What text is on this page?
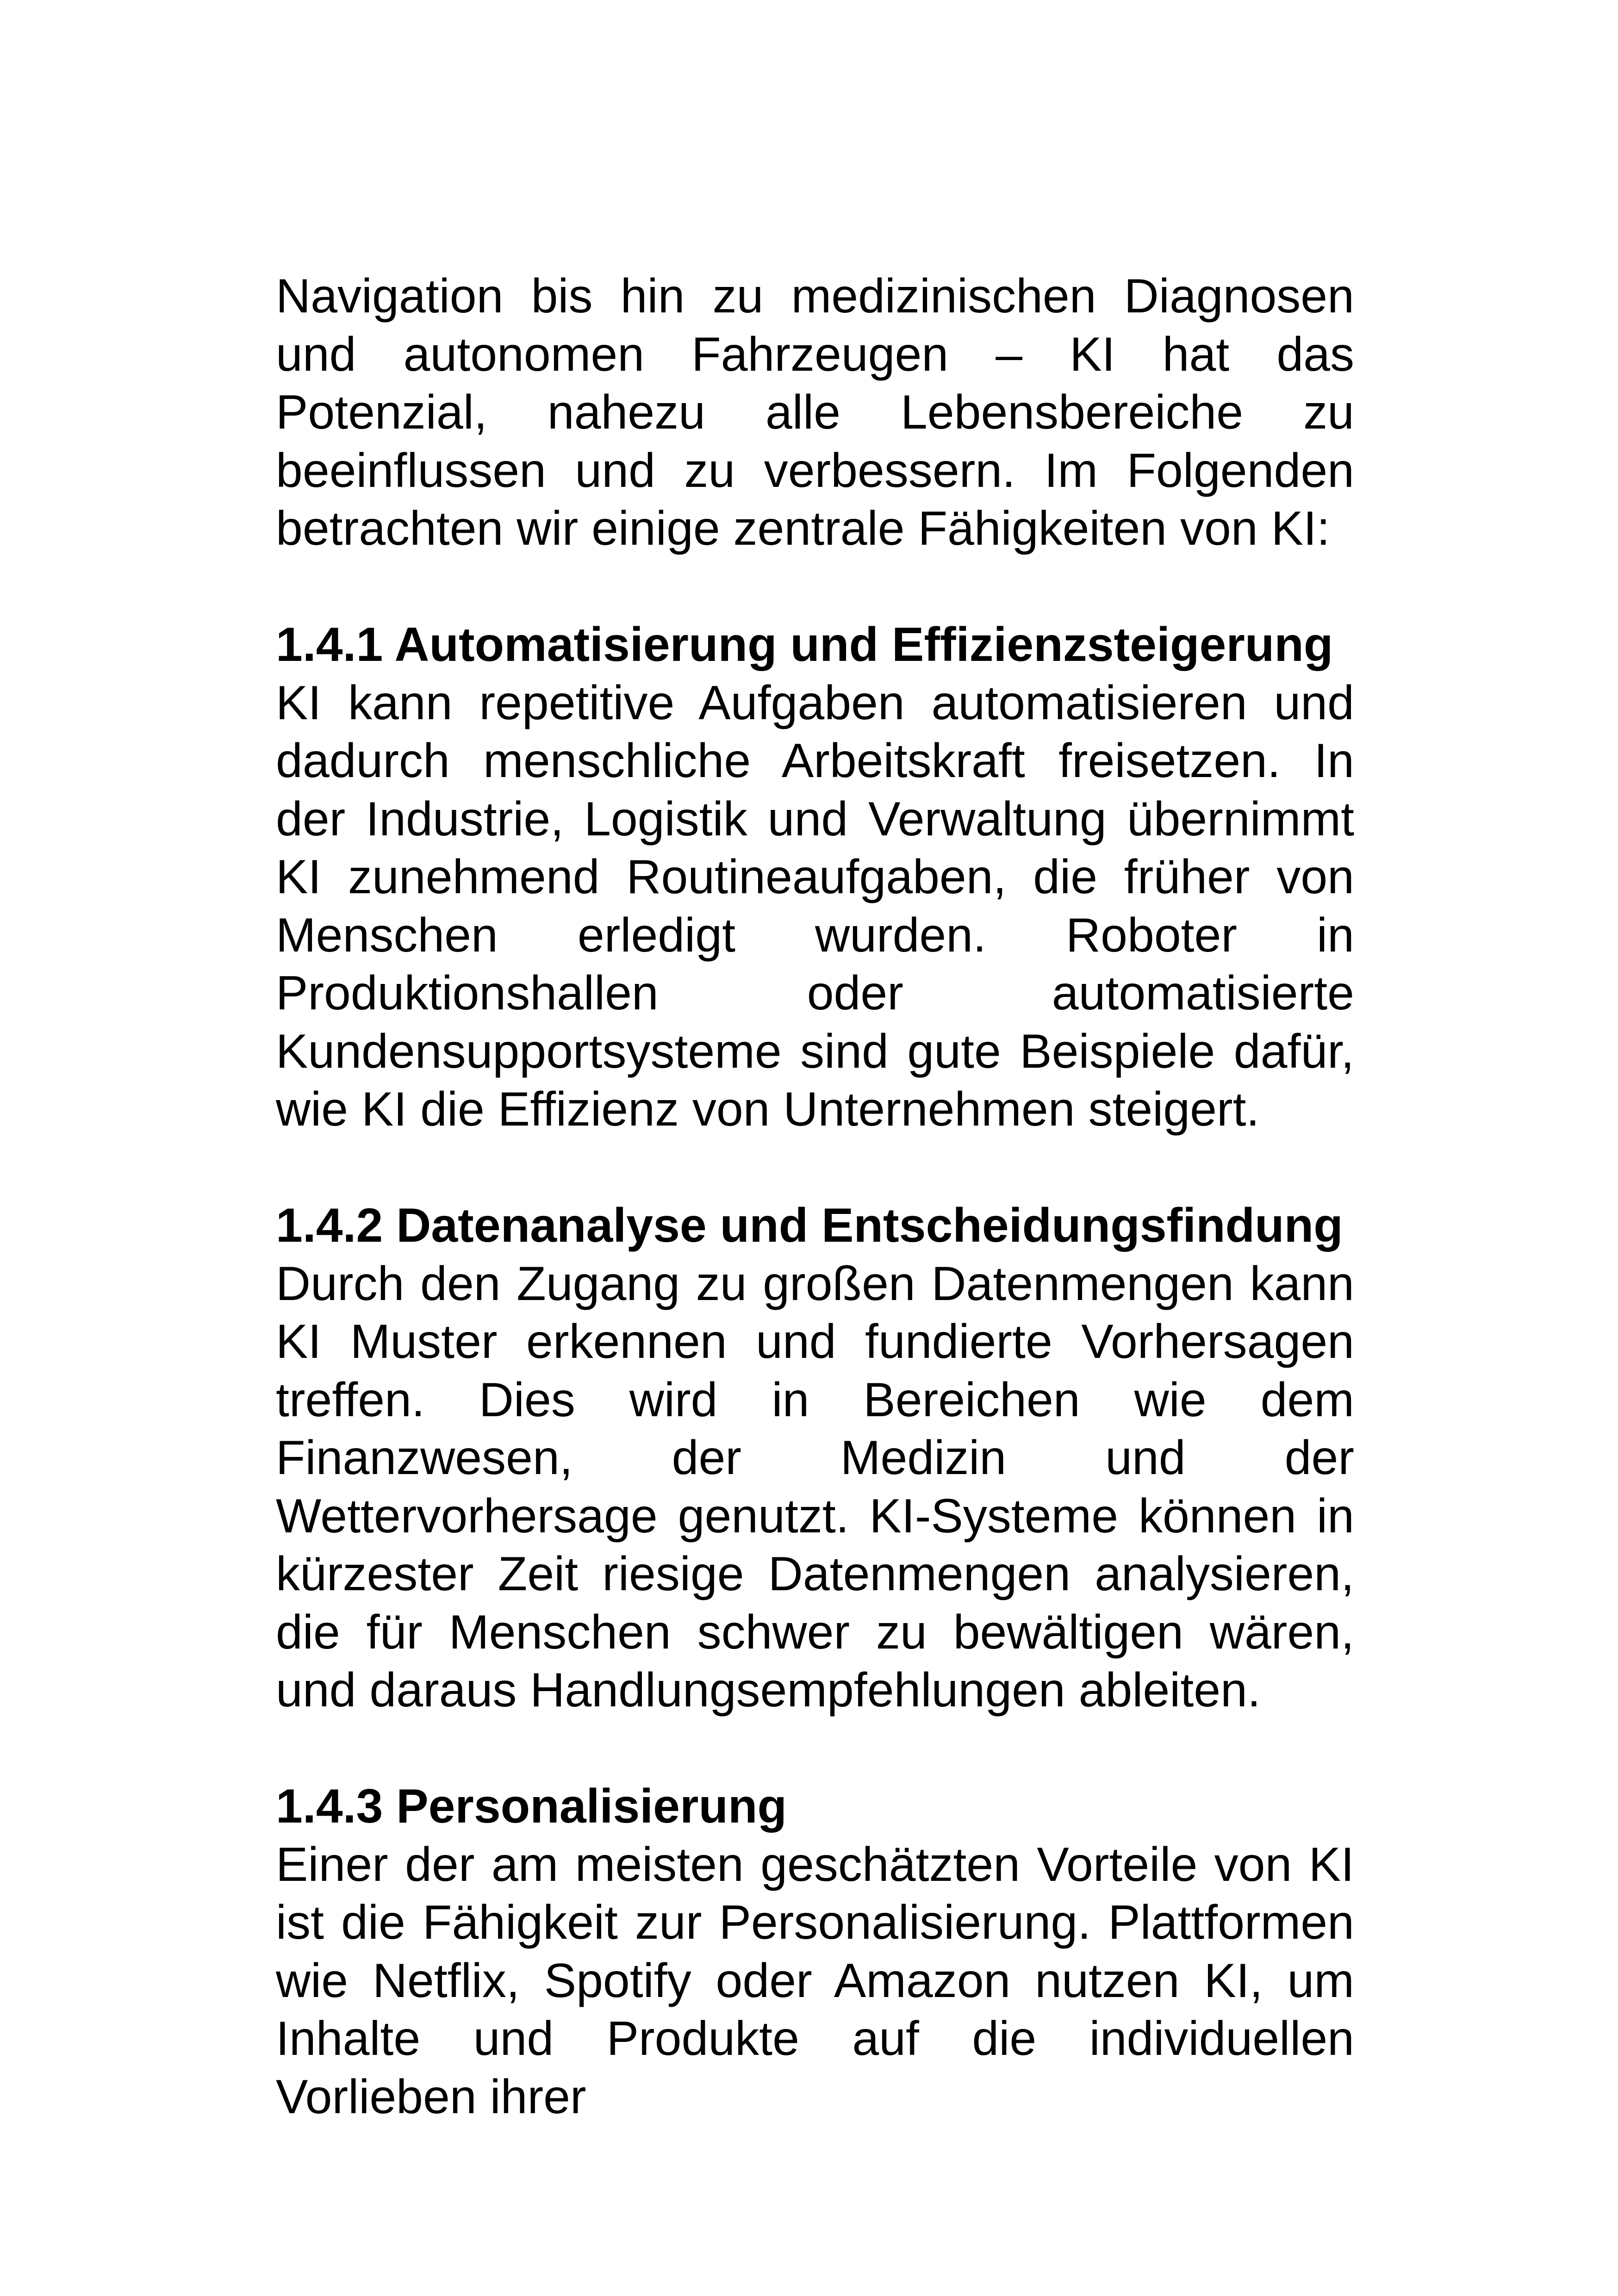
Navigation bis hin zu medizinischen Diagnosen und autonomen Fahrzeugen – KI hat das Potenzial, nahezu alle Lebensbereiche zu beeinflussen und zu verbessern. Im Folgenden betrachten wir einige zentrale Fähigkeiten von KI:

1.4.1 Automatisierung und Effizienzsteigerung

KI kann repetitive Aufgaben automatisieren und dadurch menschliche Arbeitskraft freisetzen. In der Industrie, Logistik und Verwaltung übernimmt KI zunehmend Routineaufgaben, die früher von Menschen erledigt wurden. Roboter in Produktionshallen oder automatisierte Kundensupportsysteme sind gute Beispiele dafür, wie KI die Effizienz von Unternehmen steigert.

1.4.2 Datenanalyse und Entscheidungsfindung

Durch den Zugang zu großen Datenmengen kann KI Muster erkennen und fundierte Vorhersagen treffen. Dies wird in Bereichen wie dem Finanzwesen, der Medizin und der Wettervorhersage genutzt. KI-Systeme können in kürzester Zeit riesige Datenmengen analysieren, die für Menschen schwer zu bewältigen wären, und daraus Handlungsempfehlungen ableiten.

1.4.3 Personalisierung

Einer der am meisten geschätzten Vorteile von KI ist die Fähigkeit zur Personalisierung. Plattformen wie Netflix, Spotify oder Amazon nutzen KI, um Inhalte und Produkte auf die individuellen Vorlieben ihrer
